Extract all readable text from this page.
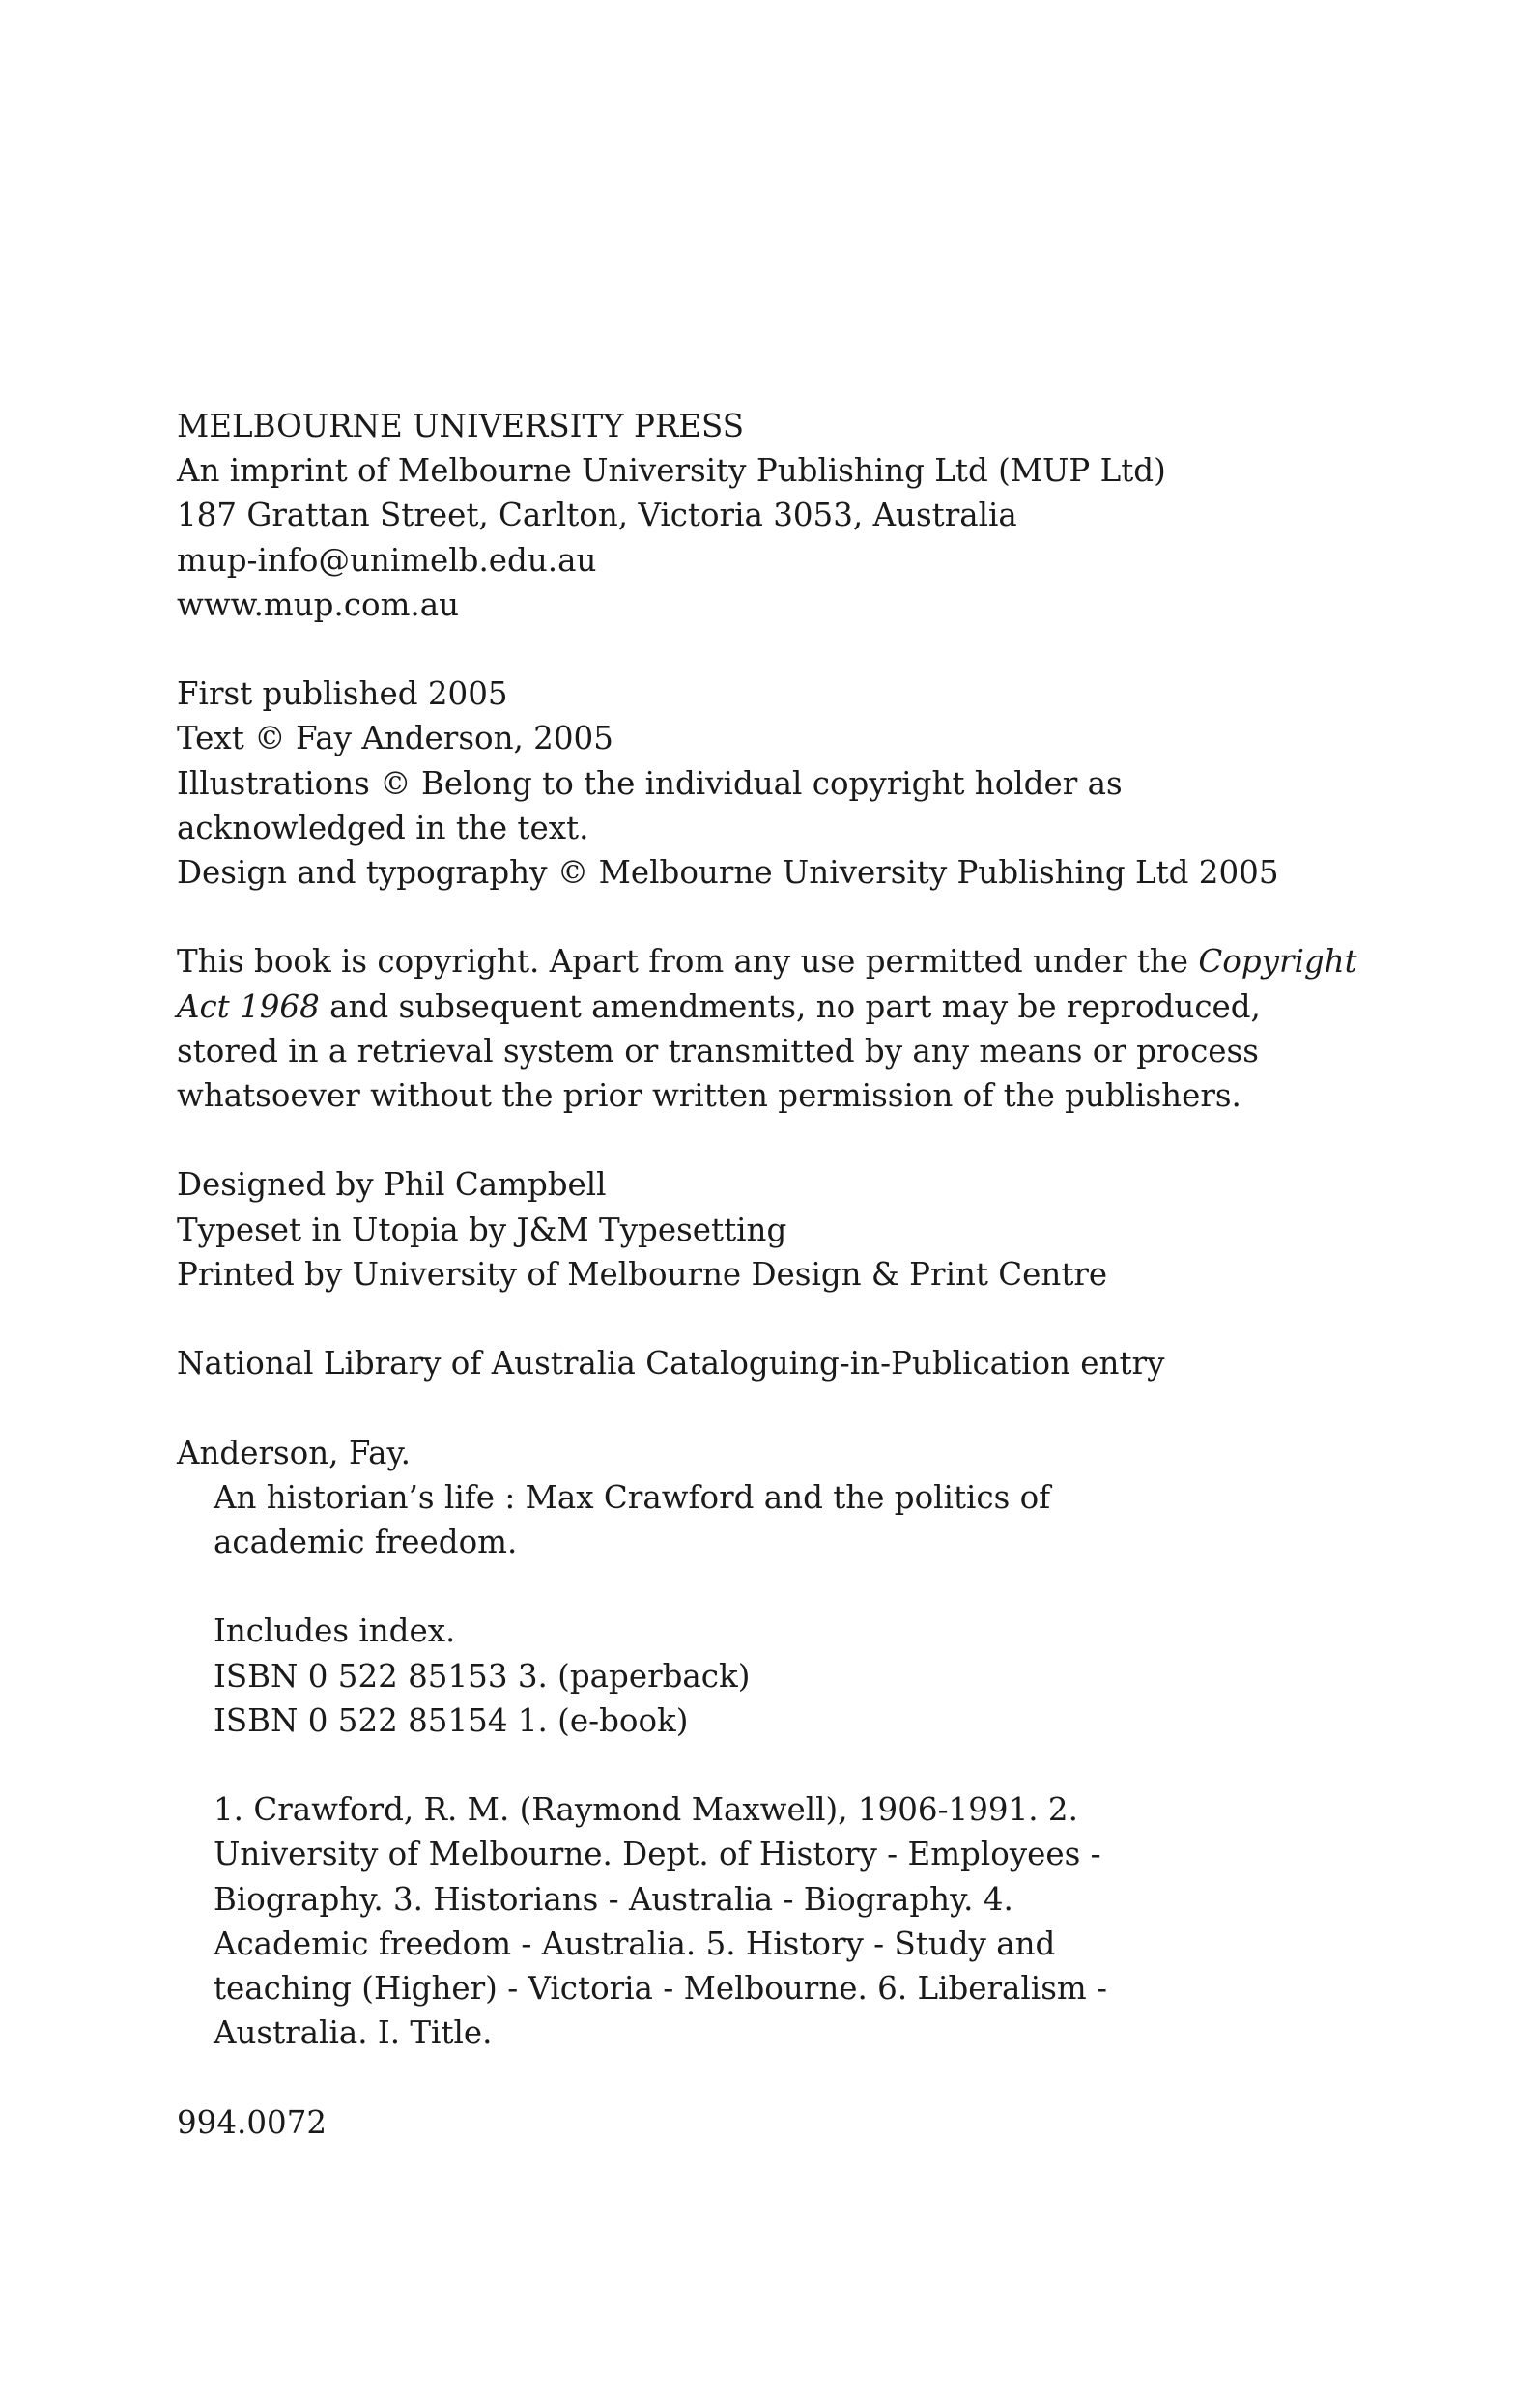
MELBOURNE UNIVERSITY PRESS
An imprint of Melbourne University Publishing Ltd (MUP Ltd)
187 Grattan Street, Carlton, Victoria 3053, Australia
mup-info@unimelb.edu.au
www.mup.com.au
First published 2005
Text © Fay Anderson, 2005
Illustrations © Belong to the individual copyright holder as
acknowledged in the text.
Design and typography © Melbourne University Publishing Ltd 2005
This book is copyright. Apart from any use permitted under the Copyright
Act 1968 and subsequent amendments, no part may be reproduced,
stored in a retrieval system or transmitted by any means or process
whatsoever without the prior written permission of the publishers.
Designed by Phil Campbell
Typeset in Utopia by J&M Typesetting
Printed by University of Melbourne Design & Print Centre
National Library of Australia Cataloguing-in-Publication entry
Anderson, Fay.
An historian’s life : Max Crawford and the politics of
academic freedom.
Includes index.
ISBN 0 522 85153 3. (paperback)
ISBN 0 522 85154 1. (e-book)
1. Crawford, R. M. (Raymond Maxwell), 1906-1991. 2.
University of Melbourne. Dept. of History - Employees -
Biography. 3. Historians - Australia - Biography. 4.
Academic freedom - Australia. 5. History - Study and
teaching (Higher) - Victoria - Melbourne. 6. Liberalism -
Australia. I. Title.
994.0072
